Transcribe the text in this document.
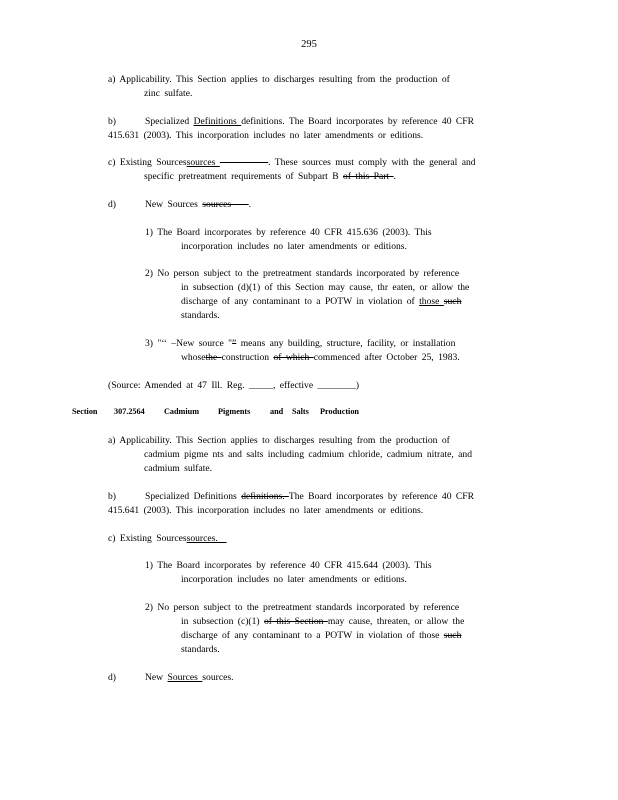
295
a) Applicability. This Section applies to discharges resulting from the production of
zinc sulfate.
b)	Specialized Definitions definitions. The Board incorporates by reference 40 CFR
415.631 (2003). This incorporation includes no later amendments or editions.
c) Existing Sourcessources	. These sources must comply with the general and
specific pretreatment requirements of Subpart B of this Part .
d)	New Sources sources    .
1) The Board incorporates by reference 40 CFR 415.636 (2003). This
incorporation includes no later amendments or editions.
2) No person subject to the pretreatment standards incorporated by reference
in subsection (d)(1) of this Section may cause, thr eaten, or allow the
discharge of any contaminant to a POTW in violation of those such
standards.
3) "‘‘ –New source "” means any building, structure, facility, or installation
whosethe construction of which commenced after October 25, 1983.
(Source: Amended at 47 Ill. Reg. _____, effective ________)
Section 307.2564 Cadmium Pigments and Salts Production
a) Applicability. This Section applies to discharges resulting from the production of
cadmium pigme nts and salts including cadmium chloride, cadmium nitrate, and
cadmium sulfate.
b)	Specialized Definitions definitions. The Board incorporates by reference 40 CFR
415.641 (2003). This incorporation includes no later amendments or editions.
c) Existing Sourcessources.
1) The Board incorporates by reference 40 CFR 415.644 (2003). This
incorporation includes no later amendments or editions.
2) No person subject to the pretreatment standards incorporated by reference
in subsection (c)(1) of this Section may cause, threaten, or allow the
discharge of any contaminant to a POTW in violation of those such
standards.
d)	New Sources sources.
